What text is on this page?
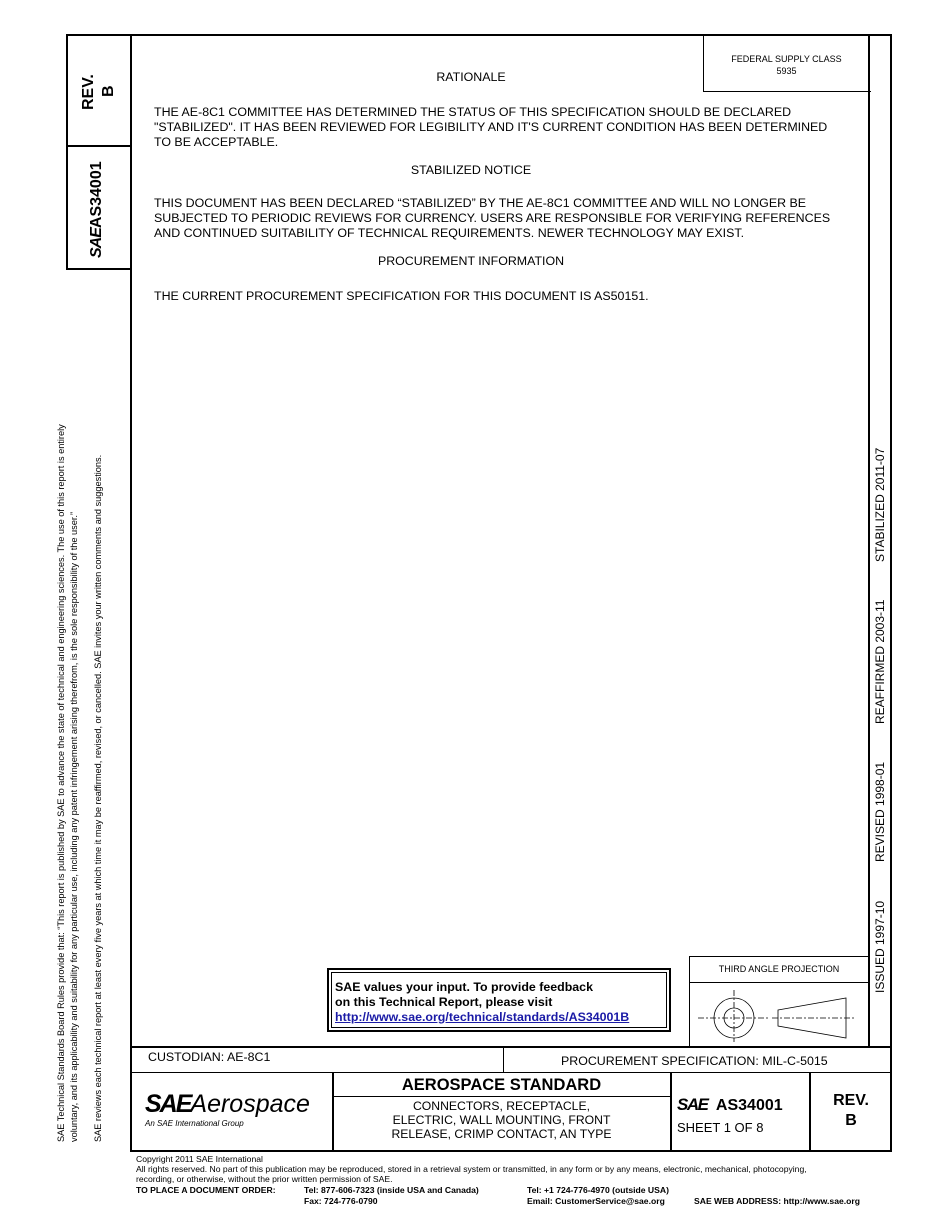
SAE Technical Standards Board Rules provide that: “This report is published by SAE to advance the state of technical and engineering sciences. The use of this report is entirely voluntary, and its applicability and suitability for any particular use, including any patent infringement arising therefrom, is the sole responsibility of the user.” SAE reviews each technical report at least every five years at which time it may be reaffirmed, revised, or cancelled. SAE invites your written comments and suggestions.
FEDERAL SUPPLY CLASS
5935
REV. B
SAEAS34001
ISSUED 1997-10
REVISED 1998-01
REAFFIRMED 2003-11
STABILIZED 2011-07
RATIONALE
THE AE-8C1 COMMITTEE HAS DETERMINED THE STATUS OF THIS SPECIFICATION SHOULD BE DECLARED "STABILIZED". IT HAS BEEN REVIEWED FOR LEGIBILITY AND IT'S CURRENT CONDITION HAS BEEN DETERMINED TO BE ACCEPTABLE.
STABILIZED NOTICE
THIS DOCUMENT HAS BEEN DECLARED “STABILIZED” BY THE AE-8C1 COMMITTEE AND WILL NO LONGER BE SUBJECTED TO PERIODIC REVIEWS FOR CURRENCY. USERS ARE RESPONSIBLE FOR VERIFYING REFERENCES AND CONTINUED SUITABILITY OF TECHNICAL REQUIREMENTS. NEWER TECHNOLOGY MAY EXIST.
PROCUREMENT INFORMATION
THE CURRENT PROCUREMENT SPECIFICATION FOR THIS DOCUMENT IS AS50151.
SAE values your input. To provide feedback
on this Technical Report, please visit
http://www.sae.org/technical/standards/AS34001B
THIRD ANGLE PROJECTION
CUSTODIAN: AE-8C1	PROCUREMENT SPECIFICATION: MIL-C-5015
SAEAerospace
An SAE International Group
AEROSPACE STANDARD
CONNECTORS, RECEPTACLE,
ELECTRIC, WALL MOUNTING, FRONT
RELEASE, CRIMP CONTACT, AN TYPE
SAE AS34001
SHEET 1 OF 8
REV.
B
Copyright 2011 SAE International
All rights reserved. No part of this publication may be reproduced, stored in a retrieval system or transmitted, in any form or by any means, electronic, mechanical, photocopying,
recording, or otherwise, without the prior written permission of SAE.
TO PLACE A DOCUMENT ORDER:	Tel: 877-606-7323 (inside USA and Canada)
Fax: 724-776-0790
Tel: +1 724-776-4970 (outside USA)
Email: CustomerService@sae.org	SAE WEB ADDRESS: http://www.sae.org
